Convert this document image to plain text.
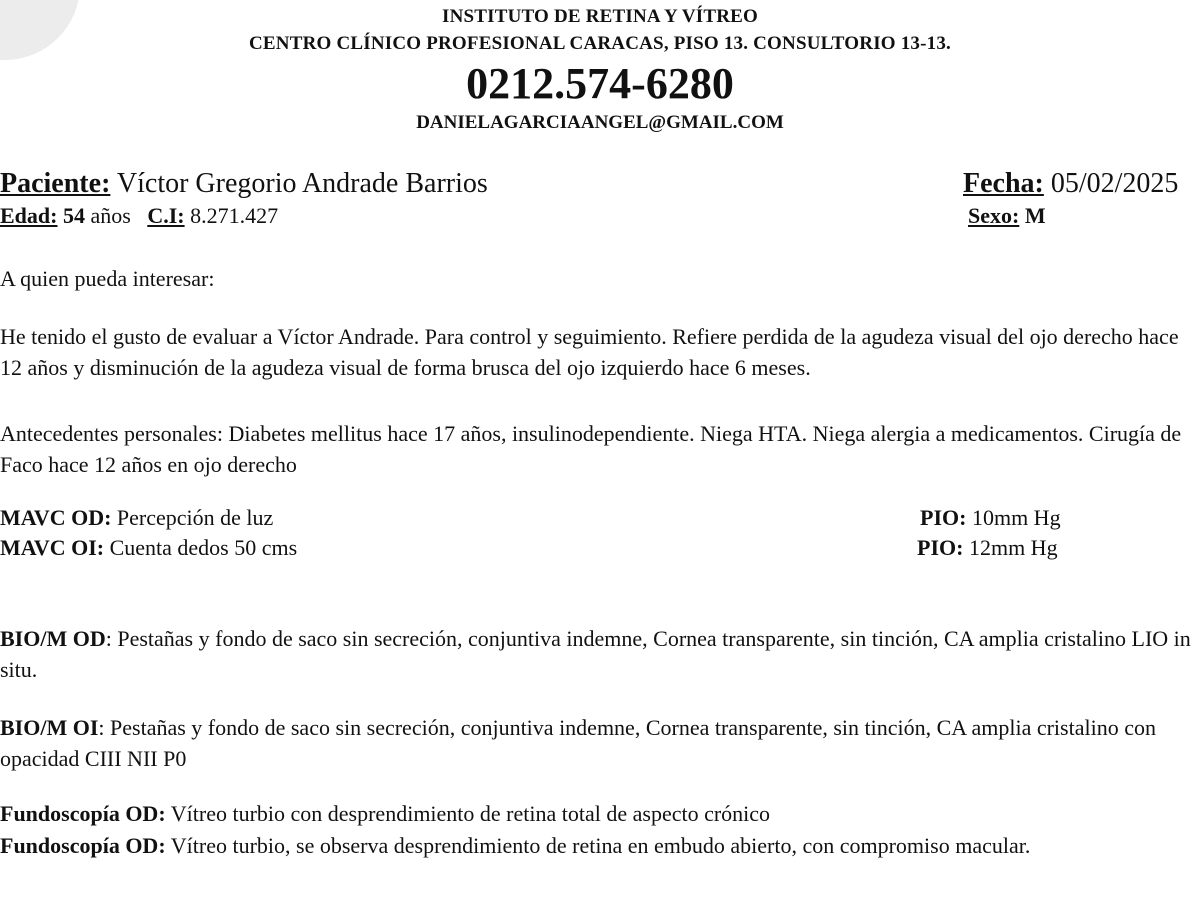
INSTITUTO DE RETINA Y VÍTREO
CENTRO CLÍNICO PROFESIONAL CARACAS, PISO 13. CONSULTORIO 13-13.
0212.574-6280
DANIELAGARCIAANGEL@GMAIL.COM
Paciente: Víctor Gregorio Andrade Barrios	Fecha: 05/02/2025
Edad: 54 años C.I: 8.271.427	Sexo: M
A quien pueda interesar:
He tenido el gusto de evaluar a Víctor Andrade. Para control y seguimiento. Refiere perdida de la agudeza visual del ojo derecho hace 12 años y disminución de la agudeza visual de forma brusca del ojo izquierdo hace 6 meses.
Antecedentes personales: Diabetes mellitus hace 17 años, insulinodependiente. Niega HTA. Niega alergia a medicamentos. Cirugía de Faco hace 12 años en ojo derecho
MAVC OD: Percepción de luz
MAVC OI: Cuenta dedos 50 cms
PIO: 10mm Hg
PIO: 12mm Hg
BIO/M OD: Pestañas y fondo de saco sin secreción, conjuntiva indemne, Cornea transparente, sin tinción, CA amplia cristalino LIO in situ.
BIO/M OI: Pestañas y fondo de saco sin secreción, conjuntiva indemne, Cornea transparente, sin tinción, CA amplia cristalino con opacidad CIII NII P0
Fundoscopía OD: Vítreo turbio con desprendimiento de retina total de aspecto crónico
Fundoscopía OD: Vítreo turbio, se observa desprendimiento de retina en embudo abierto, con compromiso macular.
